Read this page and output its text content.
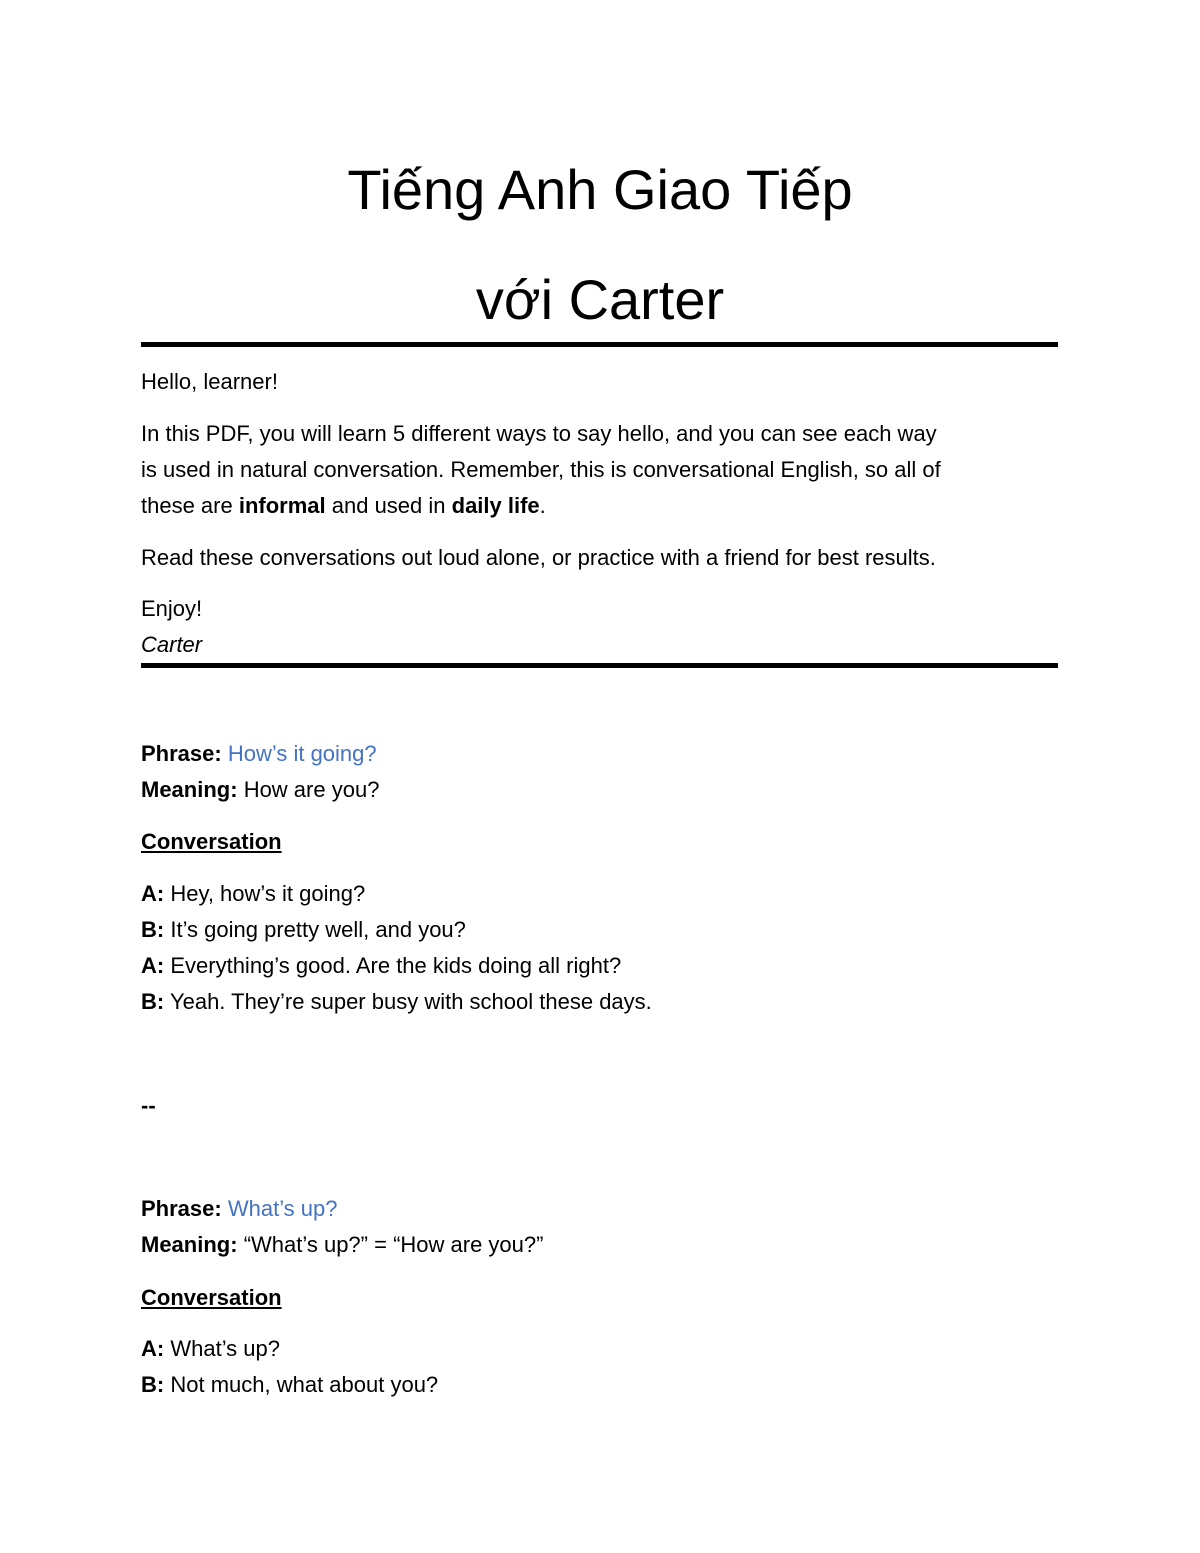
Tiếng Anh Giao Tiếp
với Carter
Hello, learner!
In this PDF, you will learn 5 different ways to say hello, and you can see each way
is used in natural conversation. Remember, this is conversational English, so all of
these are informal and used in daily life.
Read these conversations out loud alone, or practice with a friend for best results.
Enjoy!
Carter
Phrase: How’s it going?
Meaning: How are you?
Conversation
A: Hey, how’s it going?
B: It’s going pretty well, and you?
A: Everything’s good. Are the kids doing all right?
B: Yeah. They’re super busy with school these days.
--
Phrase: What’s up?
Meaning: “What’s up?” = “How are you?”
Conversation
A: What’s up?
B: Not much, what about you?
